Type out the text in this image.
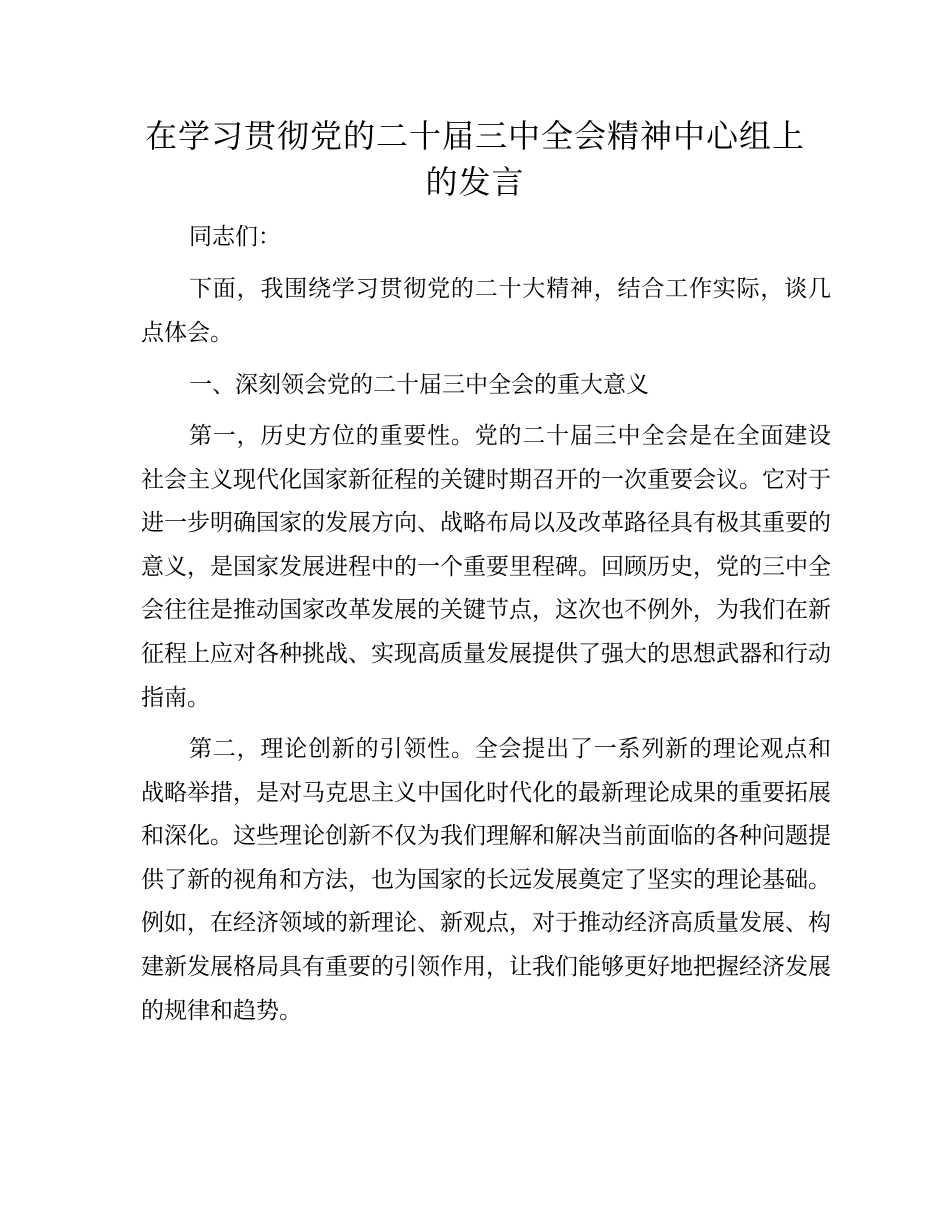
在学习贯彻党的二十届三中全会精神中心组上
的发言

同志们：

下面，我围绕学习贯彻党的二十大精神，结合工作实际，谈几点体会。

一、深刻领会党的二十届三中全会的重大意义

第一，历史方位的重要性。党的二十届三中全会是在全面建设社会主义现代化国家新征程的关键时期召开的一次重要会议。它对于进一步明确国家的发展方向、战略布局以及改革路径具有极其重要的意义，是国家发展进程中的一个重要里程碑。回顾历史，党的三中全会往往是推动国家改革发展的关键节点，这次也不例外，为我们在新征程上应对各种挑战、实现高质量发展提供了强大的思想武器和行动指南。

第二，理论创新的引领性。全会提出了一系列新的理论观点和战略举措，是对马克思主义中国化时代化的最新理论成果的重要拓展和深化。这些理论创新不仅为我们理解和解决当前面临的各种问题提供了新的视角和方法，也为国家的长远发展奠定了坚实的理论基础。例如，在经济领域的新理论、新观点，对于推动经济高质量发展、构建新发展格局具有重要的引领作用，让我们能够更好地把握经济发展的规律和趋势。
